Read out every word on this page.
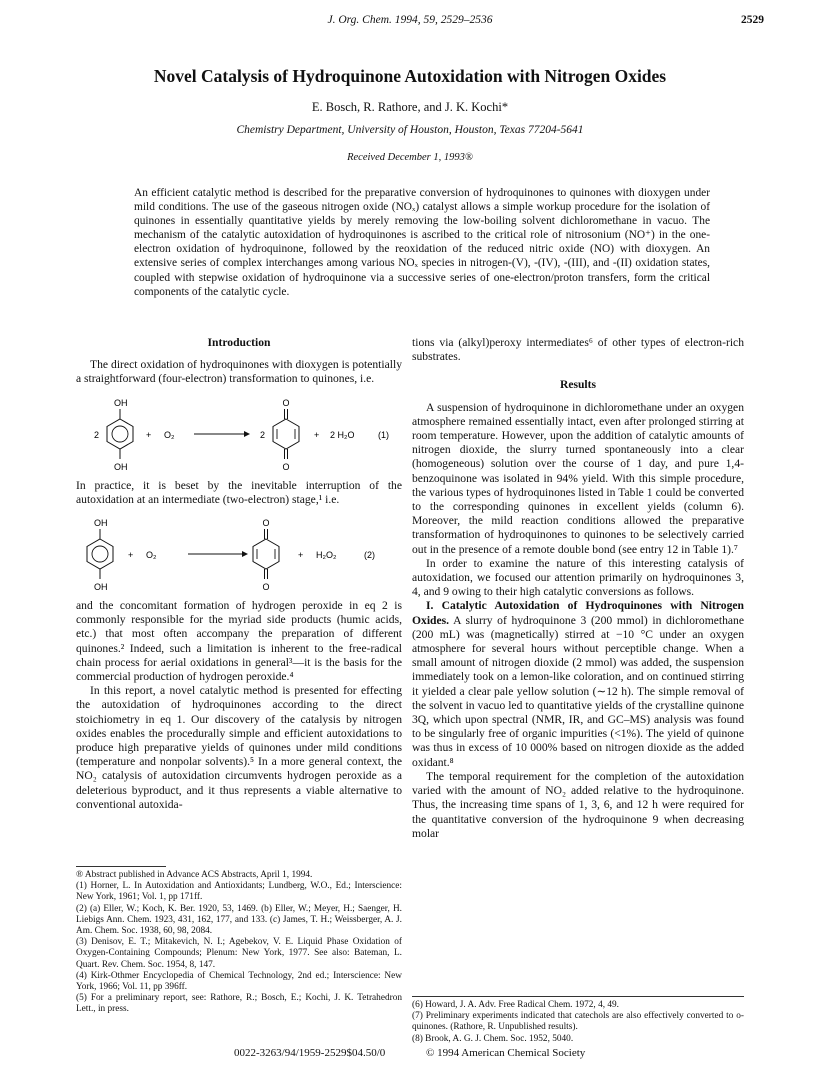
J. Org. Chem. 1994, 59, 2529–2536	2529
Novel Catalysis of Hydroquinone Autoxidation with Nitrogen Oxides
E. Bosch, R. Rathore, and J. K. Kochi*
Chemistry Department, University of Houston, Houston, Texas 77204-5641
Received December 1, 1993®
An efficient catalytic method is described for the preparative conversion of hydroquinones to quinones with dioxygen under mild conditions. The use of the gaseous nitrogen oxide (NOₓ) catalyst allows a simple workup procedure for the isolation of quinones in essentially quantitative yields by merely removing the low-boiling solvent dichloromethane in vacuo. The mechanism of the catalytic autoxidation of hydroquinones is ascribed to the critical role of nitrosonium (NO⁺) in the one-electron oxidation of hydroquinone, followed by the reoxidation of the reduced nitric oxide (NO) with dioxygen. An extensive series of complex interchanges among various NOₓ species in nitrogen-(V), -(IV), -(III), and -(II) oxidation states, coupled with stepwise oxidation of hydroquinone via a successive series of one-electron/proton transfers, form the critical components of the catalytic cycle.
Introduction

The direct oxidation of hydroquinones with dioxygen is potentially a straightforward (four-electron) transformation to quinones, i.e.

OH
OH
2	+ O₂	2
O
O
+ 2 H₂O	(1)

In practice, it is beset by the inevitable interruption of the autoxidation at an intermediate (two-electron) stage,¹ i.e.

OH
OH
+ O₂
O
O
+ H₂O₂	(2)

and the concomitant formation of hydrogen peroxide in eq 2 is commonly responsible for the myriad side products (humic acids, etc.) that most often accompany the preparation of different quinones.² Indeed, such a limitation is inherent to the free-radical chain process for aerial oxidations in general³—it is the basis for the commercial production of hydrogen peroxide.⁴

In this report, a novel catalytic method is presented for effecting the autoxidation of hydroquinones according to the direct stoichiometry in eq 1. Our discovery of the catalysis by nitrogen oxides enables the procedurally simple and efficient autoxidations to produce high preparative yields of quinones under mild conditions (temperature and nonpolar solvents).⁵ In a more general context, the NO₂ catalysis of autoxidation circumvents hydrogen peroxide as a deleterious byproduct, and it thus represents a viable alternative to conventional autoxida-

® Abstract published in Advance ACS Abstracts, April 1, 1994.
(1) Horner, L. In Autoxidation and Antioxidants; Lundberg, W.O., Ed.; Interscience: New York, 1961; Vol. 1, pp 171ff.
(2) (a) Eller, W.; Koch, K. Ber. 1920, 53, 1469. (b) Eller, W.; Meyer, H.; Saenger, H. Liebigs Ann. Chem. 1923, 431, 162, 177, and 133. (c) James, T. H.; Weissberger, A. J. Am. Chem. Soc. 1938, 60, 98, 2084.
(3) Denisov, E. T.; Mitakevich, N. I.; Agebekov, V. E. Liquid Phase Oxidation of Oxygen-Containing Compounds; Plenum: New York, 1977. See also: Bateman, L. Quart. Rev. Chem. Soc. 1954, 8, 147.
(4) Kirk-Othmer Encyclopedia of Chemical Technology, 2nd ed.; Interscience: New York, 1966; Vol. 11, pp 396ff.
(5) For a preliminary report, see: Rathore, R.; Bosch, E.; Kochi, J. K. Tetrahedron Lett., in press.

tions via (alkyl)peroxy intermediates⁶ of other types of electron-rich substrates.

Results

A suspension of hydroquinone in dichloromethane under an oxygen atmosphere remained essentially intact, even after prolonged stirring at room temperature. However, upon the addition of catalytic amounts of nitrogen dioxide, the slurry turned spontaneously into a clear (homogeneous) solution over the course of 1 day, and pure 1,4-benzoquinone was isolated in 94% yield. With this simple procedure, the various types of hydroquinones listed in Table 1 could be converted to the corresponding quinones in excellent yields (column 6). Moreover, the mild reaction conditions allowed the preparative transformation of hydroquinones to quinones to be selectively carried out in the presence of a remote double bond (see entry 12 in Table 1).⁷

In order to examine the nature of this interesting catalysis of autoxidation, we focused our attention primarily on hydroquinones 3, 4, and 9 owing to their high catalytic conversions as follows.

I. Catalytic Autoxidation of Hydroquinones with Nitrogen Oxides. A slurry of hydroquinone 3 (200 mmol) in dichloromethane (200 mL) was (magnetically) stirred at −10 °C under an oxygen atmosphere for several hours without perceptible change. When a small amount of nitrogen dioxide (2 mmol) was added, the suspension immediately took on a lemon-like coloration, and on continued stirring it yielded a clear pale yellow solution (∼12 h). The simple removal of the solvent in vacuo led to quantitative yields of the crystalline quinone 3Q, which upon spectral (NMR, IR, and GC–MS) analysis was found to be singularly free of organic impurities (<1%). The yield of quinone was thus in excess of 10 000% based on nitrogen dioxide as the added oxidant.⁸

The temporal requirement for the completion of the autoxidation varied with the amount of NO₂ added relative to the hydroquinone. Thus, the increasing time spans of 1, 3, 6, and 12 h were required for the quantitative conversion of the hydroquinone 9 when decreasing molar

(6) Howard, J. A. Adv. Free Radical Chem. 1972, 4, 49.
(7) Preliminary experiments indicated that catechols are also effectively converted to o-quinones. (Rathore, R. Unpublished results).
(8) Brook, A. G. J. Chem. Soc. 1952, 5040.
0022-3263/94/1959-2529$04.50/0	© 1994 American Chemical Society
